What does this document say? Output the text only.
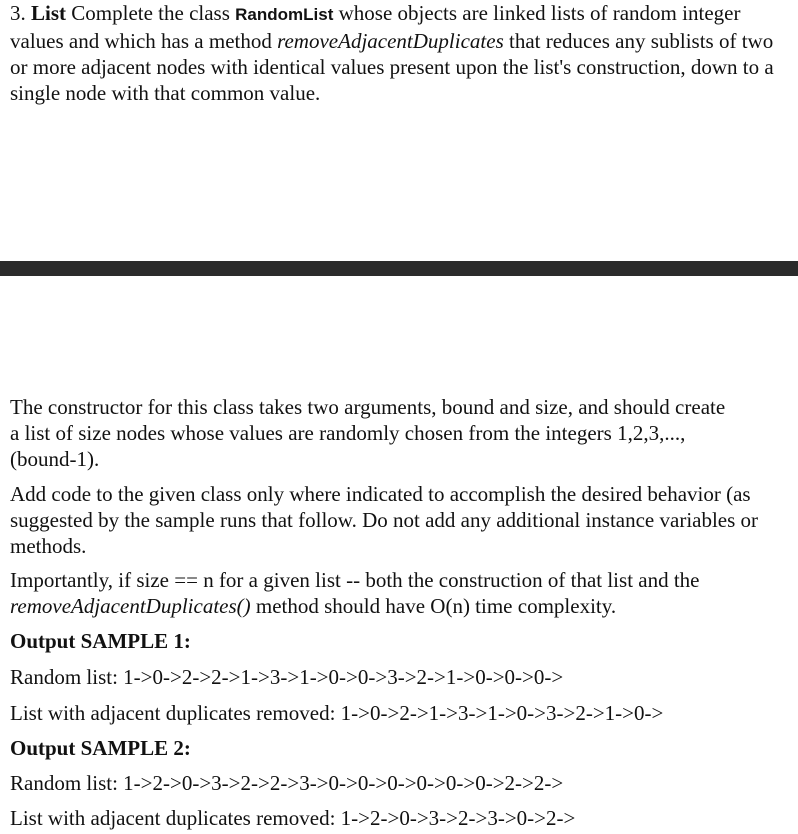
3. List Complete the class RandomList whose objects are linked lists of random integer values and which has a method removeAdjacentDuplicates that reduces any sublists of two or more adjacent nodes with identical values present upon the list's construction, down to a single node with that common value.
The constructor for this class takes two arguments, bound and size, and should create a list of size nodes whose values are randomly chosen from the integers 1,2,3,...,(bound-1).
Add code to the given class only where indicated to accomplish the desired behavior (as suggested by the sample runs that follow. Do not add any additional instance variables or methods.
Importantly, if size == n for a given list -- both the construction of that list and the removeAdjacentDuplicates() method should have O(n) time complexity.
Output SAMPLE 1:
Random list: 1->0->2->2->1->3->1->0->0->3->2->1->0->0->0->
List with adjacent duplicates removed: 1->0->2->1->3->1->0->3->2->1->0->
Output SAMPLE 2:
Random list: 1->2->0->3->2->2->3->0->0->0->0->0->0->2->2->
List with adjacent duplicates removed: 1->2->0->3->2->3->0->2->
